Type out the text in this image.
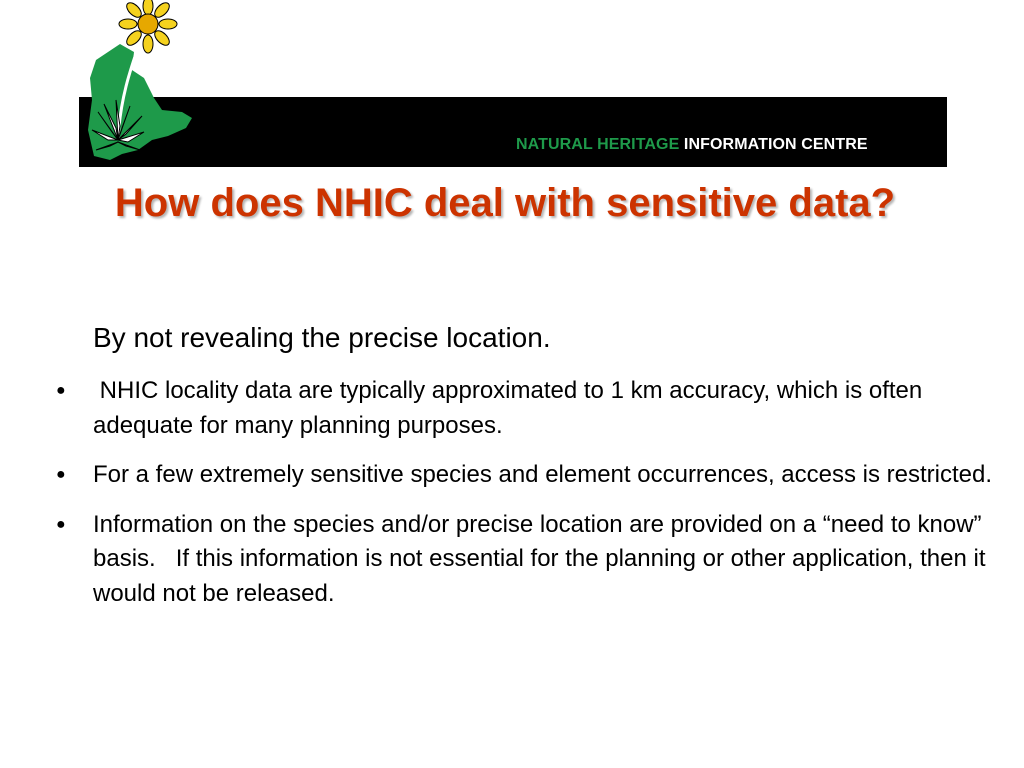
NATURAL HERITAGE INFORMATION CENTRE
How does NHIC deal with sensitive data?
By not revealing the precise location.
● NHIC locality data are typically approximated to 1 km accuracy, which is often adequate for many planning purposes.
● For a few extremely sensitive species and element occurrences, access is restricted.
● Information on the species and/or precise location are provided on a “need to know” basis.   If this information is not essential for the planning or other application, then it would not be released.
